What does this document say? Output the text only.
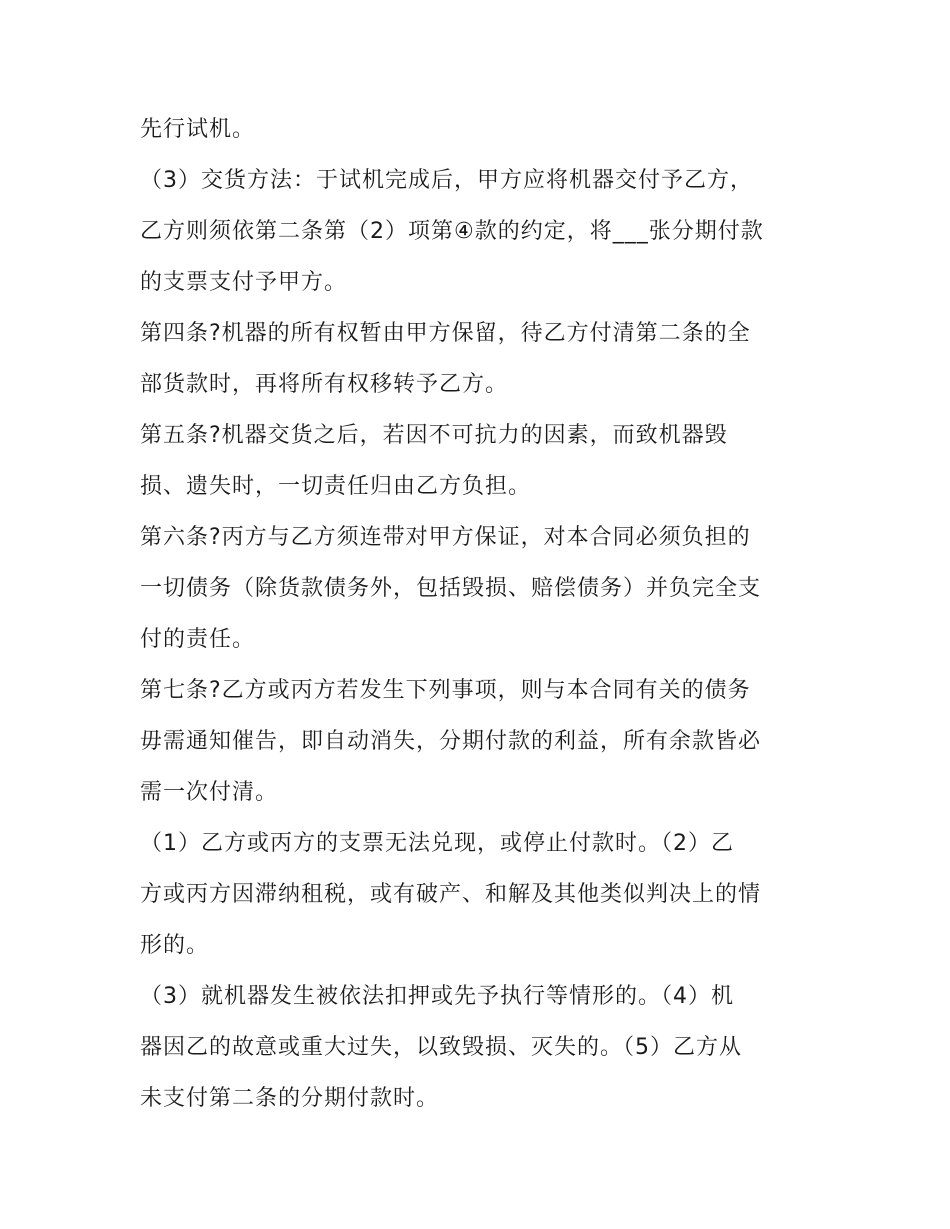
先行试机。
（3）交货方法：于试机完成后，甲方应将机器交付予乙方，
乙方则须依第二条第（2）项第④款的约定，将___张分期付款
的支票支付予甲方。
第四条?机器的所有权暂由甲方保留，待乙方付清第二条的全
部货款时，再将所有权移转予乙方。
第五条?机器交货之后，若因不可抗力的因素，而致机器毁
损、遗失时，一切责任归由乙方负担。
第六条?丙方与乙方须连带对甲方保证，对本合同必须负担的
一切债务（除货款债务外，包括毁损、赔偿债务）并负完全支
付的责任。
第七条?乙方或丙方若发生下列事项，则与本合同有关的债务
毋需通知催告，即自动消失，分期付款的利益，所有余款皆必
需一次付清。
（1）乙方或丙方的支票无法兑现，或停止付款时。（2）乙
方或丙方因滞纳租税，或有破产、和解及其他类似判决上的情
形的。
（3）就机器发生被依法扣押或先予执行等情形的。（4）机
器因乙的故意或重大过失，以致毁损、灭失的。（5）乙方从
未支付第二条的分期付款时。
